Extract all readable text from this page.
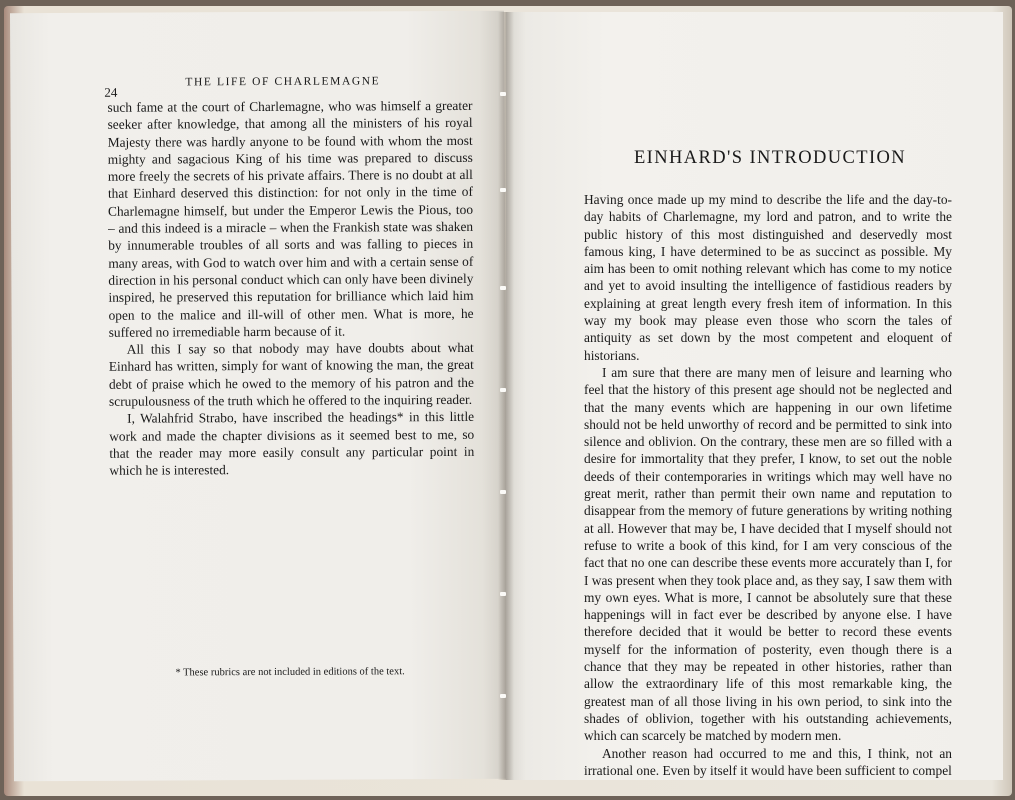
24
THE LIFE OF CHARLEMAGNE

such fame at the court of Charlemagne, who was himself a greater seeker after knowledge, that among all the ministers of his royal Majesty there was hardly anyone to be found with whom the most mighty and sagacious King of his time was prepared to discuss more freely the secrets of his private affairs. There is no doubt at all that Einhard deserved this distinction: for not only in the time of Charlemagne himself, but under the Emperor Lewis the Pious, too – and this indeed is a miracle – when the Frankish state was shaken by innumerable troubles of all sorts and was falling to pieces in many areas, with God to watch over him and with a certain sense of direction in his personal conduct which can only have been divinely inspired, he preserved this reputation for brilliance which laid him open to the malice and ill-will of other men. What is more, he suffered no irremediable harm because of it.

All this I say so that nobody may have doubts about what Einhard has written, simply for want of knowing the man, the great debt of praise which he owed to the memory of his patron and the scrupulousness of the truth which he offered to the inquiring reader.

I, Walahfrid Strabo, have inscribed the headings* in this little work and made the chapter divisions as it seemed best to me, so that the reader may more easily consult any particular point in which he is interested.

* These rubrics are not included in editions of the text.
EINHARD'S INTRODUCTION

Having once made up my mind to describe the life and the day-to-day habits of Charlemagne, my lord and patron, and to write the public history of this most distinguished and deservedly most famous king, I have determined to be as succinct as possible. My aim has been to omit nothing relevant which has come to my notice and yet to avoid insulting the intelligence of fastidious readers by explaining at great length every fresh item of information. In this way my book may please even those who scorn the tales of antiquity as set down by the most competent and eloquent of historians.

I am sure that there are many men of leisure and learning who feel that the history of this present age should not be neglected and that the many events which are happening in our own lifetime should not be held unworthy of record and be permitted to sink into silence and oblivion. On the contrary, these men are so filled with a desire for immortality that they prefer, I know, to set out the noble deeds of their contemporaries in writings which may well have no great merit, rather than permit their own name and reputation to disappear from the memory of future generations by writing nothing at all. However that may be, I have decided that I myself should not refuse to write a book of this kind, for I am very conscious of the fact that no one can describe these events more accurately than I, for I was present when they took place and, as they say, I saw them with my own eyes. What is more, I cannot be absolutely sure that these happenings will in fact ever be described by anyone else. I have therefore decided that it would be better to record these events myself for the information of posterity, even though there is a chance that they may be repeated in other histories, rather than allow the extraordinary life of this most remarkable king, the greatest man of all those living in his own period, to sink into the shades of oblivion, together with his outstanding achievements, which can scarcely be matched by modern men.

Another reason had occurred to me and this, I think, not an irrational one. Even by itself it would have been sufficient to compel
